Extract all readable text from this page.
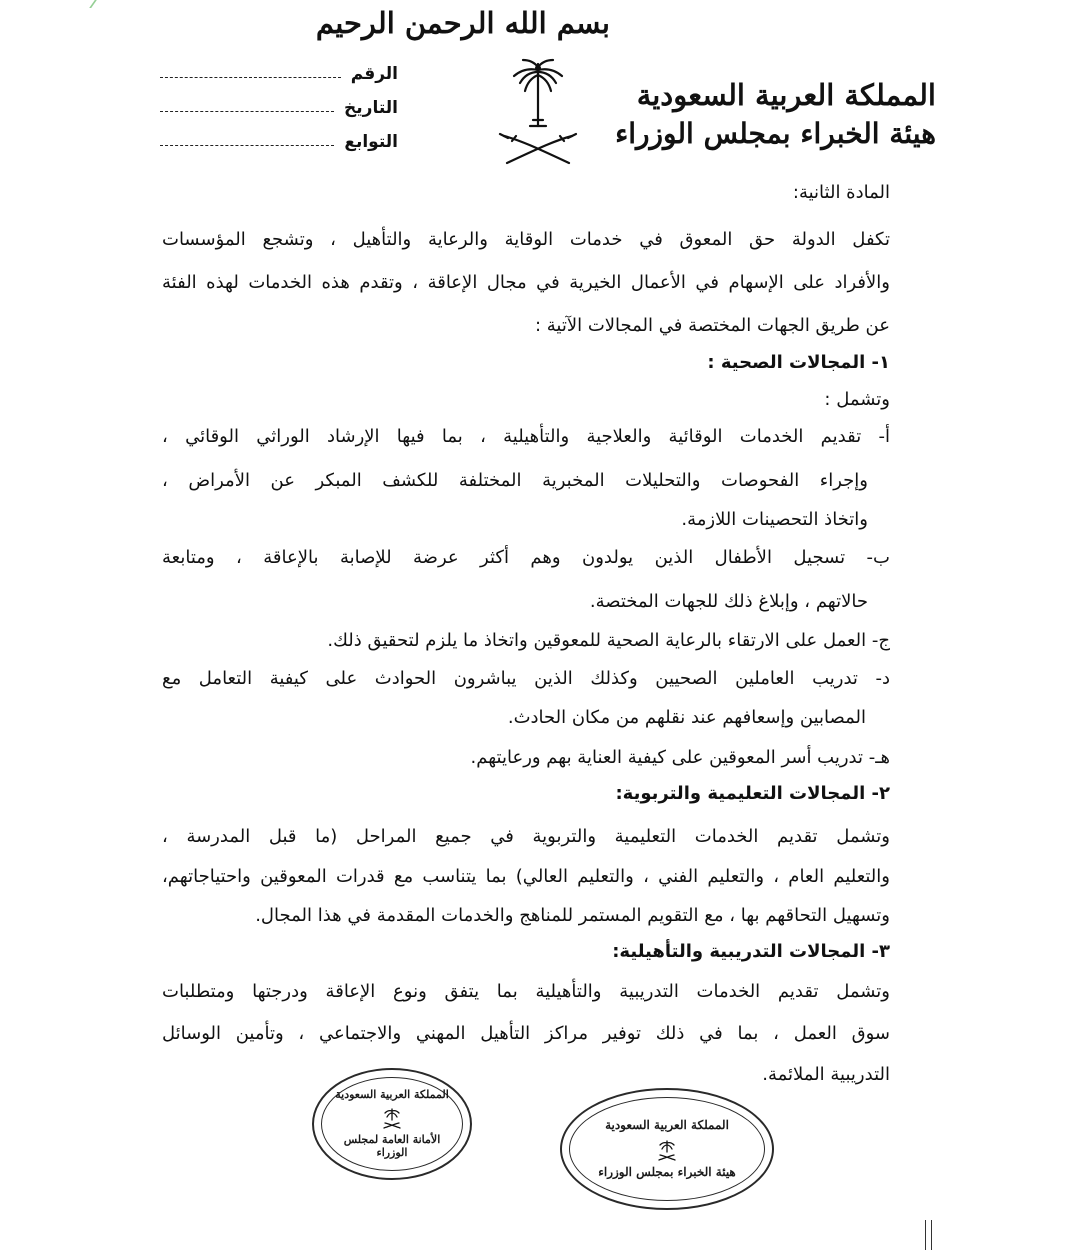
بسم الله الرحمن الرحيم
المملكة العربية السعودية
هيئة الخبراء بمجلس الوزراء
الرقم
التاريخ
التوابع
المادة الثانية:
تكفل الدولة حق المعوق في خدمات الوقاية والرعاية والتأهيل ، وتشجع المؤسسات
والأفراد على الإسهام في الأعمال الخيرية في مجال الإعاقة ، وتقدم هذه الخدمات لهذه الفئة
عن طريق الجهات المختصة في المجالات الآتية :
١- المجالات الصحية :
وتشمل :
أ- تقديم الخدمات الوقائية والعلاجية والتأهيلية ، بما فيها الإرشاد الوراثي الوقائي ،
وإجراء الفحوصات والتحليلات المخبرية المختلفة للكشف المبكر عن الأمراض ،
واتخاذ التحصينات اللازمة.
ب- تسجيل الأطفال الذين يولدون وهم أكثر عرضة للإصابة بالإعاقة ، ومتابعة
حالاتهم ، وإبلاغ ذلك للجهات المختصة.
ج- العمل على الارتقاء بالرعاية الصحية للمعوقين واتخاذ ما يلزم لتحقيق ذلك.
د- تدريب العاملين الصحيين وكذلك الذين يباشرون الحوادث على كيفية التعامل مع
المصابين وإسعافهم عند نقلهم من مكان الحادث.
هـ- تدريب أسر المعوقين على كيفية العناية بهم ورعايتهم.
٢- المجالات التعليمية والتربوية:
وتشمل تقديم الخدمات التعليمية والتربوية في جميع المراحل (ما قبل المدرسة ،
والتعليم العام ، والتعليم الفني ، والتعليم العالي) بما يتناسب مع قدرات المعوقين واحتياجاتهم،
وتسهيل التحاقهم بها ، مع التقويم المستمر للمناهج والخدمات المقدمة في هذا المجال.
٣- المجالات التدريبية والتأهيلية:
وتشمل تقديم الخدمات التدريبية والتأهيلية بما يتفق ونوع الإعاقة ودرجتها ومتطلبات
سوق العمل ، بما في ذلك توفير مراكز التأهيل المهني والاجتماعي ، وتأمين الوسائل
التدريبية الملائمة.
المملكة العربية السعودية
الأمانة العامة لمجلس الوزراء
المملكة العربية السعودية
هيئة الخبراء بمجلس الوزراء
